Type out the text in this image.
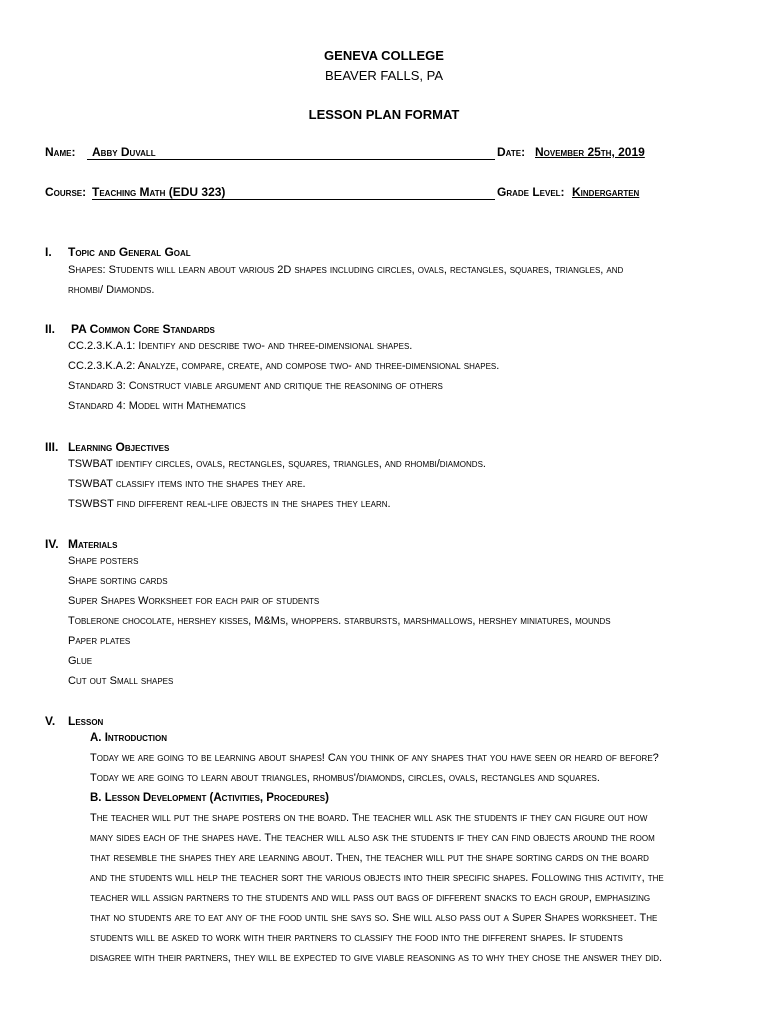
GENEVA COLLEGE
BEAVER FALLS, PA
LESSON PLAN FORMAT
Name: Abby Duvall	Date: November 25th, 2019
Course: Teaching Math (EDU 323)	Grade Level: Kindergarten
I. Topic and General Goal
Shapes: Students will learn about various 2D shapes including circles, ovals, rectangles, squares, triangles, and
rhombi/ Diamonds.
II. PA Common Core Standards
CC.2.3.K.A.1: Identify and describe two- and three-dimensional shapes.
CC.2.3.K.A.2: Analyze, compare, create, and compose two- and three-dimensional shapes.
Standard 3: Construct viable argument and critique the reasoning of others
Standard 4: Model with Mathematics
III. Learning Objectives
TSWBAT identify circles, ovals, rectangles, squares, triangles, and rhombi/diamonds.
TSWBAT classify items into the shapes they are.
TSWBST find different real-life objects in the shapes they learn.
IV. Materials
Shape posters
Shape sorting cards
Super Shapes Worksheet for each pair of students
Toblerone chocolate, hershey kisses, M&Ms, whoppers. starbursts, marshmallows, hershey miniatures, mounds
Paper plates
Glue
Cut out Small shapes
V. Lesson
A. Introduction
Today we are going to be learning about shapes! Can you think of any shapes that you have seen or heard of before?
Today we are going to learn about triangles, rhombus'/diamonds, circles, ovals, rectangles and squares.
B. Lesson Development (Activities, Procedures)
The teacher will put the shape posters on the board. The teacher will ask the students if they can figure out how
many sides each of the shapes have. The teacher will also ask the students if they can find objects around the room
that resemble the shapes they are learning about. Then, the teacher will put the shape sorting cards on the board
and the students will help the teacher sort the various objects into their specific shapes. Following this activity, the
teacher will assign partners to the students and will pass out bags of different snacks to each group, emphasizing
that no students are to eat any of the food until she says so. She will also pass out a Super Shapes worksheet. The
students will be asked to work with their partners to classify the food into the different shapes. If students
disagree with their partners, they will be expected to give viable reasoning as to why they chose the answer they did.
